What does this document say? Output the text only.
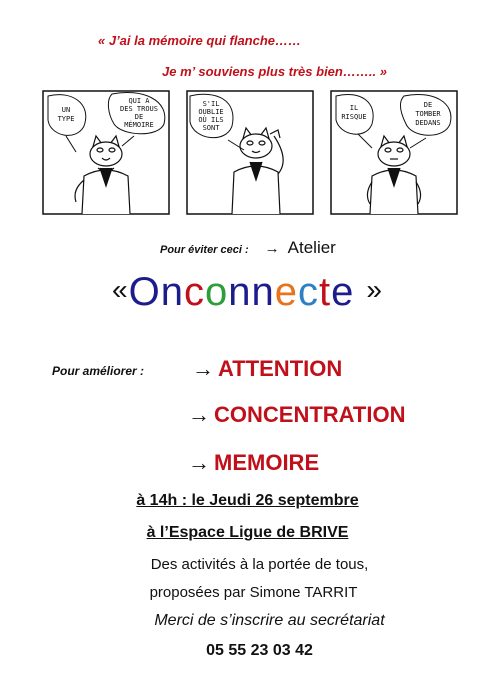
« J’ai la mémoire qui flanche……
Je m’ souviens plus très bien…….. »
UN
TYPE
QUI A
DES TROUS
DE
MÉMOIRE
S'IL
OUBLIE
OÙ ILS
SONT
IL
RISQUE
DE
TOMBER
DEDANS
Pour éviter ceci : → Atelier
«Onconnecte »
Pour améliorer : → ATTENTION
→ CONCENTRATION
→ MEMOIRE
à 14h : le Jeudi 26 septembre
à l’Espace Ligue de BRIVE
Des activités à la portée de tous,
proposées par Simone TARRIT
Merci de s’inscrire au secrétariat
05 55 23 03 42
